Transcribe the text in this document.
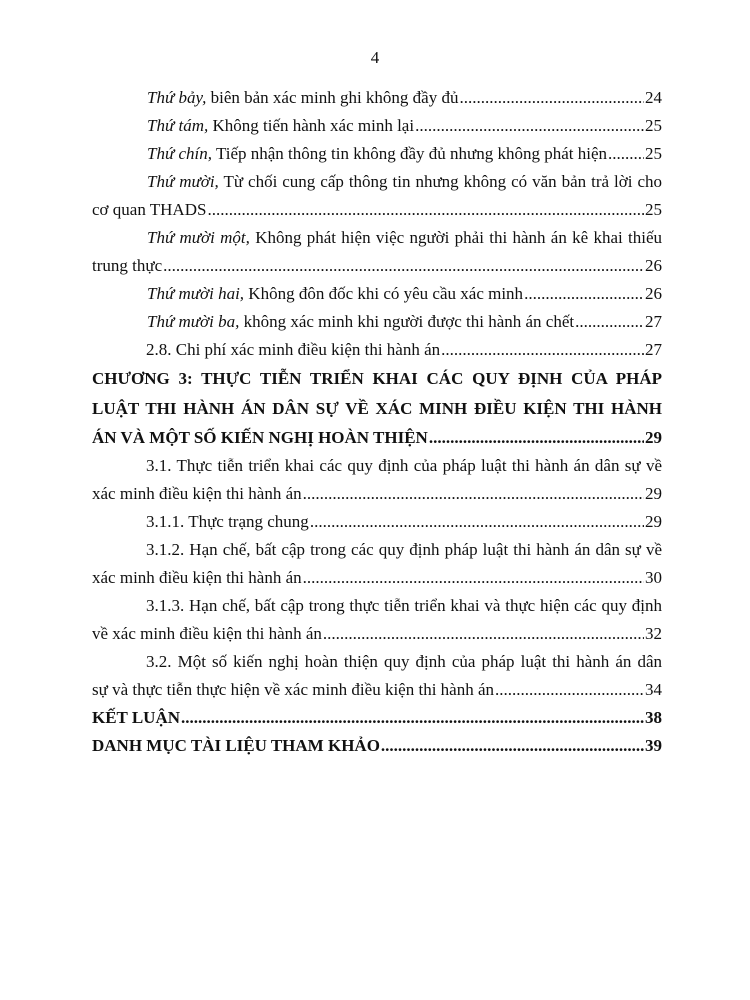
4
Thứ bảy, biên bản xác minh ghi không đầy đủ .....	24
Thứ tám, Không tiến hành xác minh lại .....	25
Thứ chín, Tiếp nhận thông tin không đầy đủ nhưng không phát hiện ..... 25
Thứ mười, Từ chối cung cấp thông tin nhưng không có văn bản trả lời cho
cơ quan THADS .....	25
Thứ mười một, Không phát hiện việc người phải thi hành án kê khai thiếu
trung thực .....	26
Thứ mười hai, Không đôn đốc khi có yêu cầu xác minh .....	26
Thứ mười ba, không xác minh khi người được thi hành án chết .....	27
2.8. Chi phí xác minh điều kiện thi hành án .....	27
CHƯƠNG 3: THỰC TIỄN TRIỂN KHAI CÁC QUY ĐỊNH CỦA PHÁP
LUẬT THI HÀNH ÁN DÂN SỰ VỀ XÁC MINH ĐIỀU KIỆN THI HÀNH
ÁN VÀ MỘT SỐ KIẾN NGHỊ HOÀN THIỆN .....	29
3.1. Thực tiễn triển khai các quy định của pháp luật thi hành án dân sự về
xác minh điều kiện thi hành án .....	29
3.1.1. Thực trạng chung .....	29
3.1.2. Hạn chế, bất cập trong các quy định pháp luật thi hành án dân sự về
xác minh điều kiện thi hành án .....	30
3.1.3. Hạn chế, bất cập trong thực tiễn triển khai và thực hiện các quy định
về xác minh điều kiện thi hành án .....	32
3.2. Một số kiến nghị hoàn thiện quy định của pháp luật thi hành án dân
sự và thực tiễn thực hiện về xác minh điều kiện thi hành án .....	34
KẾT LUẬN .....	38
DANH MỤC TÀI LIỆU THAM KHẢO .....	39
